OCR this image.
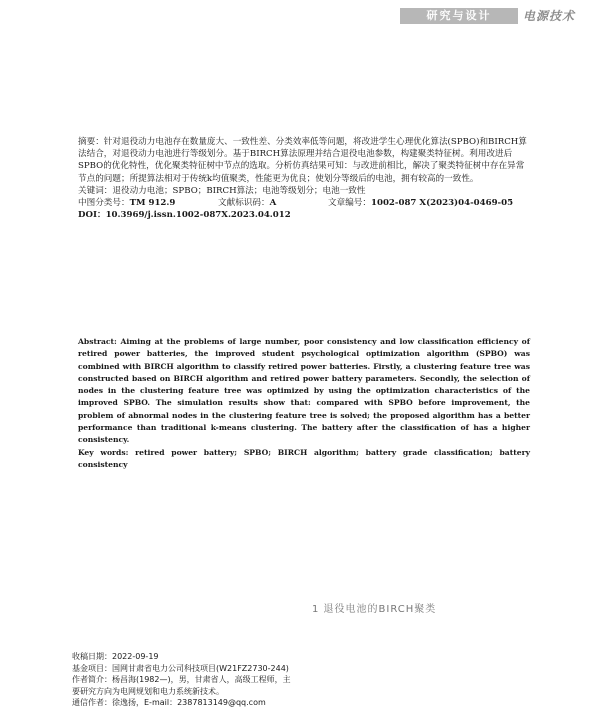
研究与设计	电源技术

摘要：针对退役动力电池存在数量庞大、一致性差、分类效率低等问题，将改进学生心理优化算法(SPBO)和BIRCH算法结合，对退役动力电池进行等级划分。基于BIRCH算法原理并结合退役电池参数，构建聚类特征树。利用改进后SPBO的优化特性，优化聚类特征树中节点的选取。分析仿真结果可知：与改进前相比，解决了聚类特征树中存在异常节点的问题；所提算法相对于传统k均值聚类，性能更为优良；使划分等级后的电池，拥有较高的一致性。

关键词：退役动力电池；SPBO；BIRCH算法；电池等级划分；电池一致性

中图分类号：TM 912.9	文献标识码：A	文章编号：1002-087 X(2023)04-0469-05

DOI：10.3969/j.issn.1002-087X.2023.04.012

Abstract: Aiming at the problems of large number, poor consistency and low classification efficiency of retired power batteries, the improved student psychological optimization algorithm (SPBO) was combined with BIRCH algorithm to classify retired power batteries. Firstly, a clustering feature tree was constructed based on BIRCH algorithm and retired power battery parameters. Secondly, the selection of nodes in the clustering feature tree was optimized by using the optimization characteristics of the improved SPBO. The simulation results show that: compared with SPBO before improvement, the problem of abnormal nodes in the clustering feature tree is solved; the proposed algorithm has a better performance than traditional k-means clustering. The battery after the classification of has a higher consistency.

Key words: retired power battery; SPBO; BIRCH algorithm; battery grade classification; battery consistency

1 退役电池的BIRCH聚类

收稿日期：2022-09-19

基金项目：国网甘肃省电力公司科技项目(W21FZ2730-244)

作者简介：杨昌海(1982—)，男，甘肃省人，高级工程师，主要研究方向为电网规划和电力系统新技术。

通信作者：徐逸扬，E-mail：2387813149@qq.com
